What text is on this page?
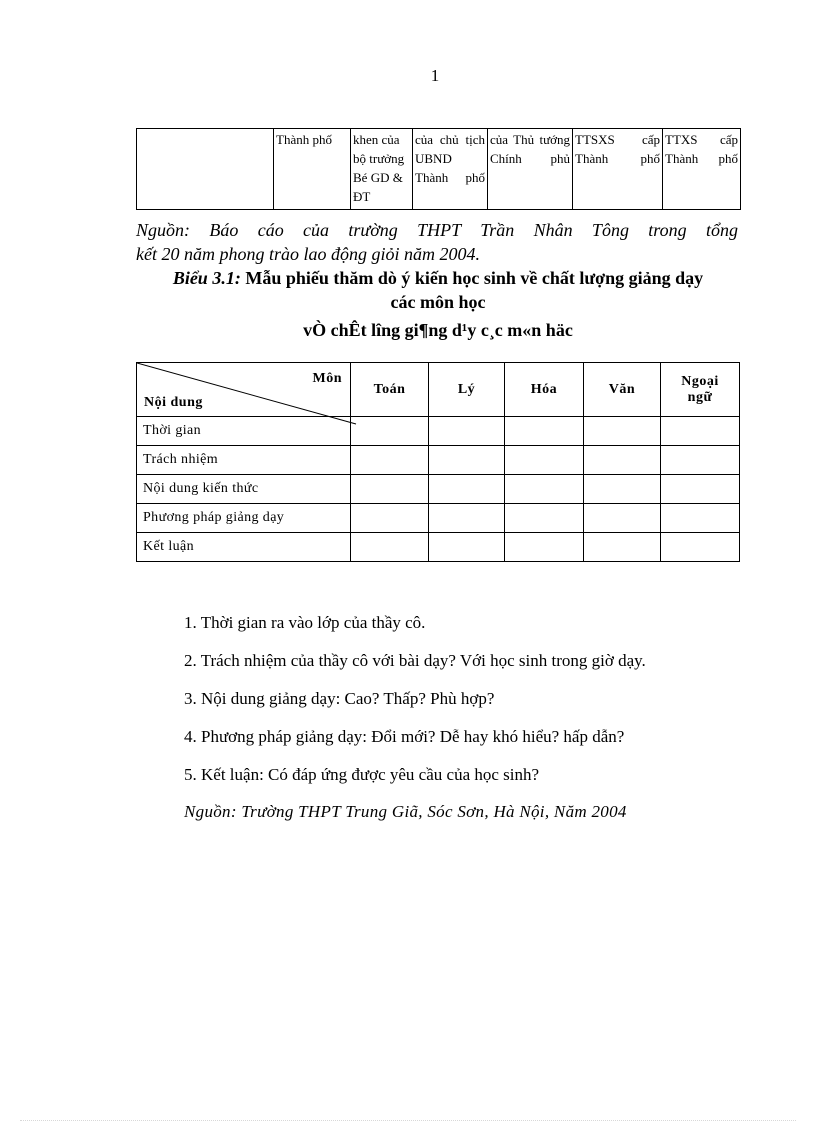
1
	Thành phố	khen của bộ trưởng Bé GD & ĐT	của chủ tịch UBND Thành phố	của Thủ tướng Chính phủ	TTSXS cấp Thành phố	TTXS cấp Thành phố
Nguồn: Báo cáo của trường THPT Trần Nhân Tông trong tổng
kết 20 năm phong trào lao động giỏi năm 2004.
Biểu 3.1: Mẫu phiếu thăm dò ý kiến học sinh về chất lượng giảng dạy
các môn học
vÒ chÊt lîng gi¶ng d¹y c¸c m«n häc
Môn
Nội dung	Toán	Lý	Hóa	Văn	Ngoại ngữ
Thời gian					
Trách nhiệm					
Nội dung kiến thức					
Phương pháp giảng dạy					
Kết luận					
1. Thời gian ra vào lớp của thầy cô.
2. Trách nhiệm của thầy cô với bài dạy? Với học sinh trong giờ dạy.
3. Nội dung giảng dạy: Cao? Thấp? Phù hợp?
4. Phương pháp giảng dạy: Đổi mới? Dễ hay khó hiểu? hấp dẫn?
5. Kết luận: Có đáp ứng được yêu cầu của học sinh?
Nguồn: Trường THPT Trung Giã, Sóc Sơn, Hà Nội, Năm 2004
